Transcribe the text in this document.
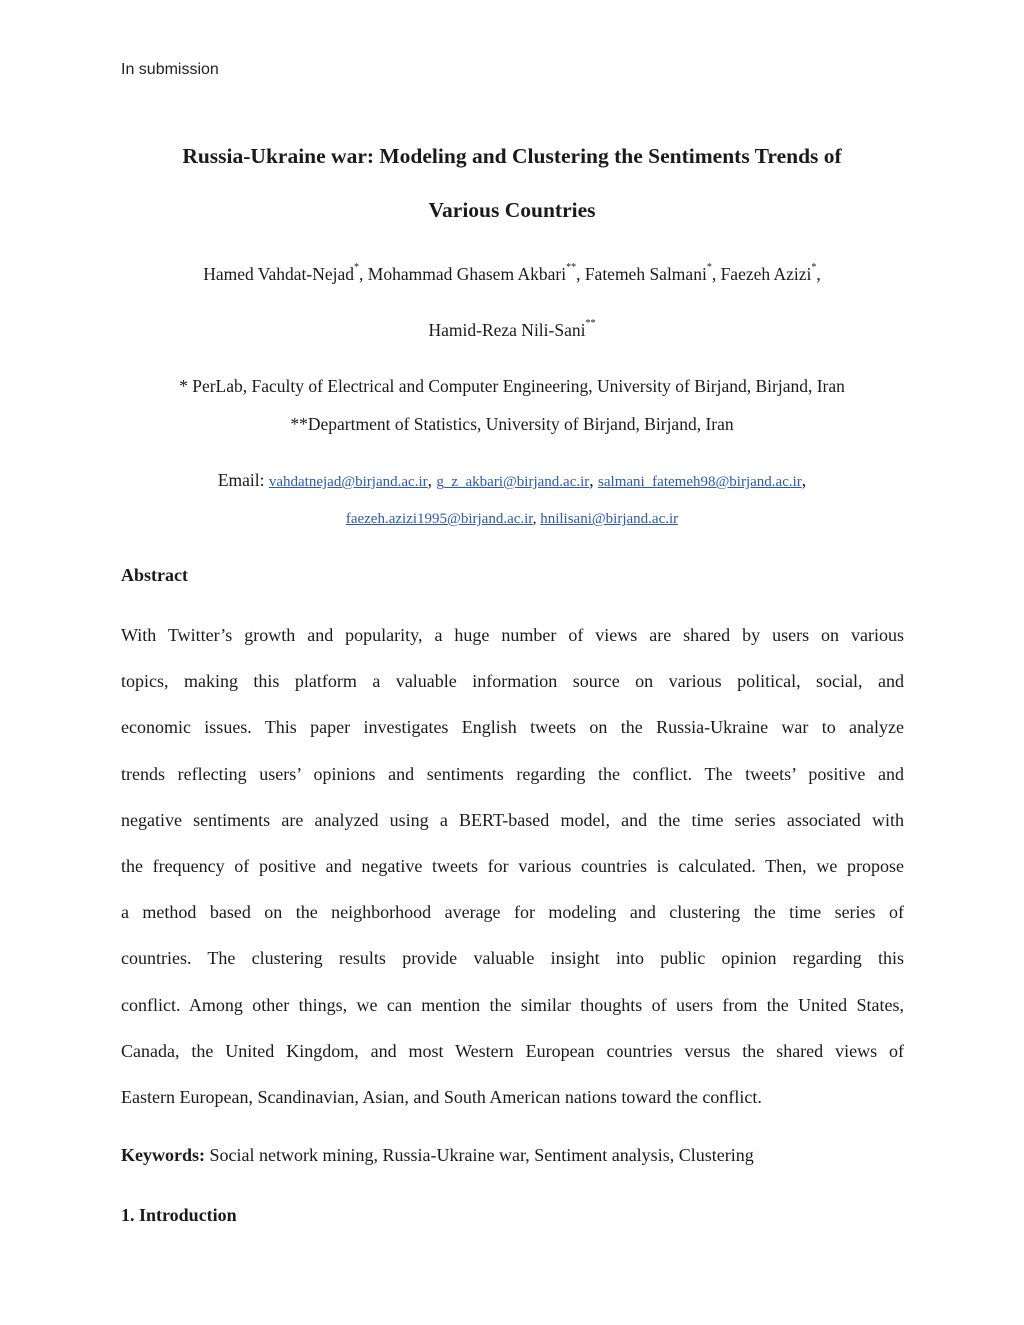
In submission
Russia-Ukraine war: Modeling and Clustering the Sentiments Trends of
Various Countries
Hamed Vahdat-Nejad*, Mohammad Ghasem Akbari**, Fatemeh Salmani*, Faezeh Azizi*,
Hamid-Reza Nili-Sani**
* PerLab, Faculty of Electrical and Computer Engineering, University of Birjand, Birjand, Iran
**Department of Statistics, University of Birjand, Birjand, Iran
Email: vahdatnejad@birjand.ac.ir, g_z_akbari@birjand.ac.ir, salmani_fatemeh98@birjand.ac.ir,
faezeh.azizi1995@birjand.ac.ir, hnilisani@birjand.ac.ir
Abstract
With Twitter’s growth and popularity, a huge number of views are shared by users on various
topics, making this platform a valuable information source on various political, social, and
economic issues. This paper investigates English tweets on the Russia-Ukraine war to analyze
trends reflecting users’ opinions and sentiments regarding the conflict. The tweets’ positive and
negative sentiments are analyzed using a BERT-based model, and the time series associated with
the frequency of positive and negative tweets for various countries is calculated. Then, we propose
a method based on the neighborhood average for modeling and clustering the time series of
countries. The clustering results provide valuable insight into public opinion regarding this
conflict. Among other things, we can mention the similar thoughts of users from the United States,
Canada, the United Kingdom, and most Western European countries versus the shared views of
Eastern European, Scandinavian, Asian, and South American nations toward the conflict.
Keywords: Social network mining, Russia-Ukraine war, Sentiment analysis, Clustering
1. Introduction
